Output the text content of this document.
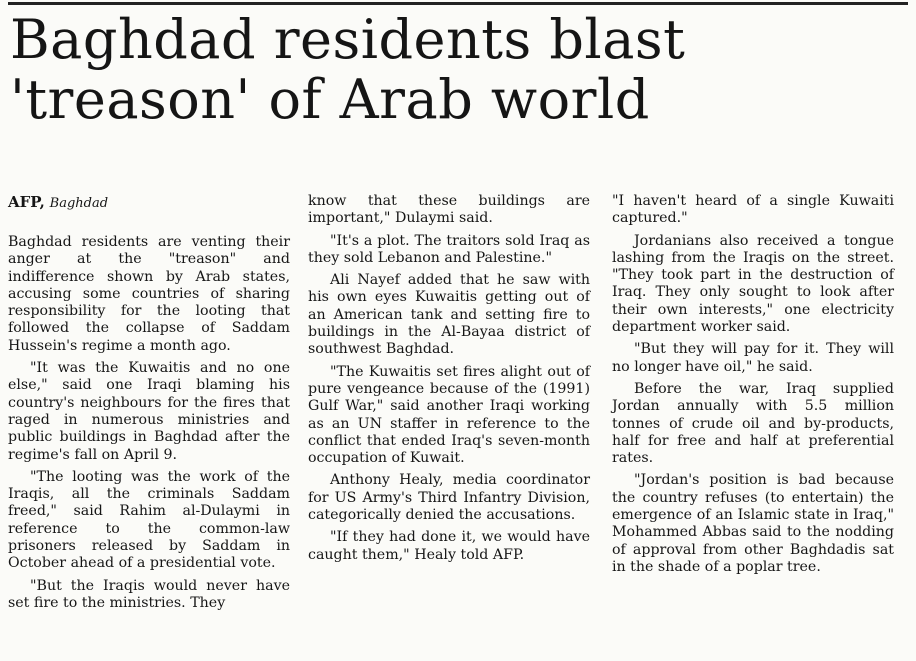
Baghdad residents blast
'treason' of Arab world
AFP, Baghdad

Baghdad residents are venting their anger at the "treason" and indifference shown by Arab states, accusing some countries of sharing responsibility for the looting that followed the collapse of Saddam Hussein's regime a month ago.

"It was the Kuwaitis and no one else," said one Iraqi blaming his country's neighbours for the fires that raged in numerous ministries and public buildings in Baghdad after the regime's fall on April 9.

"The looting was the work of the Iraqis, all the criminals Saddam freed," said Rahim al-Dulaymi in reference to the common-law prisoners released by Saddam in October ahead of a presidential vote.

"But the Iraqis would never have set fire to the ministries. They

know that these buildings are important," Dulaymi said.

"It's a plot. The traitors sold Iraq as they sold Lebanon and Palestine."

Ali Nayef added that he saw with his own eyes Kuwaitis getting out of an American tank and setting fire to buildings in the Al-Bayaa district of southwest Baghdad.

"The Kuwaitis set fires alight out of pure vengeance because of the (1991) Gulf War," said another Iraqi working as an UN staffer in reference to the conflict that ended Iraq's seven-month occupation of Kuwait.

Anthony Healy, media coordinator for US Army's Third Infantry Division, categorically denied the accusations.

"If they had done it, we would have caught them," Healy told AFP.

"I haven't heard of a single Kuwaiti captured."

Jordanians also received a tongue lashing from the Iraqis on the street. "They took part in the destruction of Iraq. They only sought to look after their own interests," one electricity department worker said.

"But they will pay for it. They will no longer have oil," he said.

Before the war, Iraq supplied Jordan annually with 5.5 million tonnes of crude oil and by-products, half for free and half at preferential rates.

"Jordan's position is bad because the country refuses (to entertain) the emergence of an Islamic state in Iraq," Mohammed Abbas said to the nodding of approval from other Baghdadis sat in the shade of a poplar tree.
